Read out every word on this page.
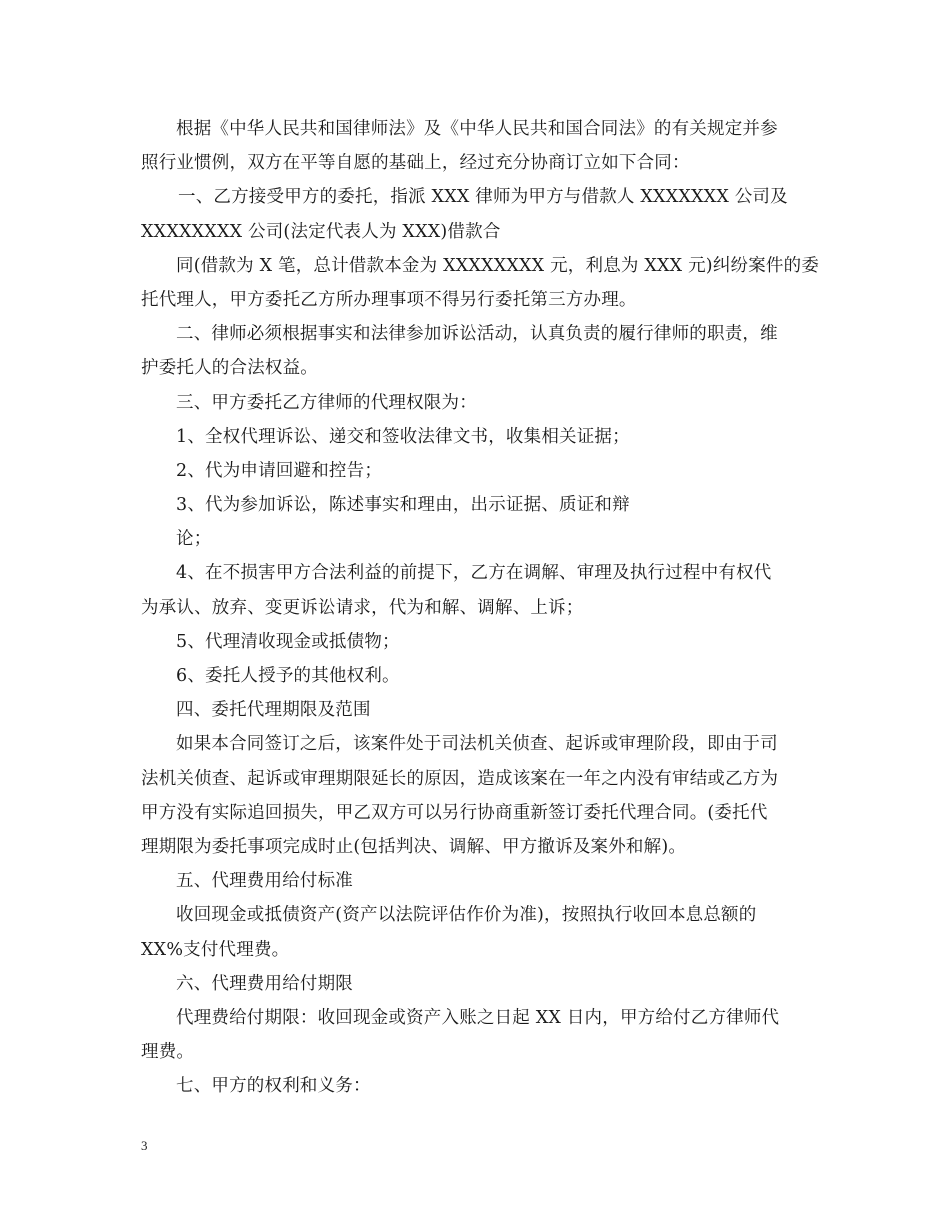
根据《中华人民共和国律师法》及《中华人民共和国合同法》的有关规定并参
照行业惯例，双方在平等自愿的基础上，经过充分协商订立如下合同：
一、乙方接受甲方的委托，指派 XXX 律师为甲方与借款人 XXXXXXX 公司及
XXXXXXXX 公司(法定代表人为 XXX)借款合
同(借款为 X 笔，总计借款本金为 XXXXXXXX 元，利息为 XXX 元)纠纷案件的委
托代理人，甲方委托乙方所办理事项不得另行委托第三方办理。
二、律师必须根据事实和法律参加诉讼活动，认真负责的履行律师的职责，维
护委托人的合法权益。
三、甲方委托乙方律师的代理权限为：
1、全权代理诉讼、递交和签收法律文书，收集相关证据；
2、代为申请回避和控告；
3、代为参加诉讼，陈述事实和理由，出示证据、质证和辩
论；
4、在不损害甲方合法利益的前提下，乙方在调解、审理及执行过程中有权代
为承认、放弃、变更诉讼请求，代为和解、调解、上诉；
5、代理清收现金或抵债物；
6、委托人授予的其他权利。
四、委托代理期限及范围
如果本合同签订之后，该案件处于司法机关侦查、起诉或审理阶段，即由于司
法机关侦查、起诉或审理期限延长的原因，造成该案在一年之内没有审结或乙方为
甲方没有实际追回损失，甲乙双方可以另行协商重新签订委托代理合同。(委托代
理期限为委托事项完成时止(包括判决、调解、甲方撤诉及案外和解)。
五、代理费用给付标准
收回现金或抵债资产(资产以法院评估作价为准)，按照执行收回本息总额的
XX%支付代理费。
六、代理费用给付期限
代理费给付期限：收回现金或资产入账之日起 XX 日内，甲方给付乙方律师代
理费。
七、甲方的权利和义务：
3
